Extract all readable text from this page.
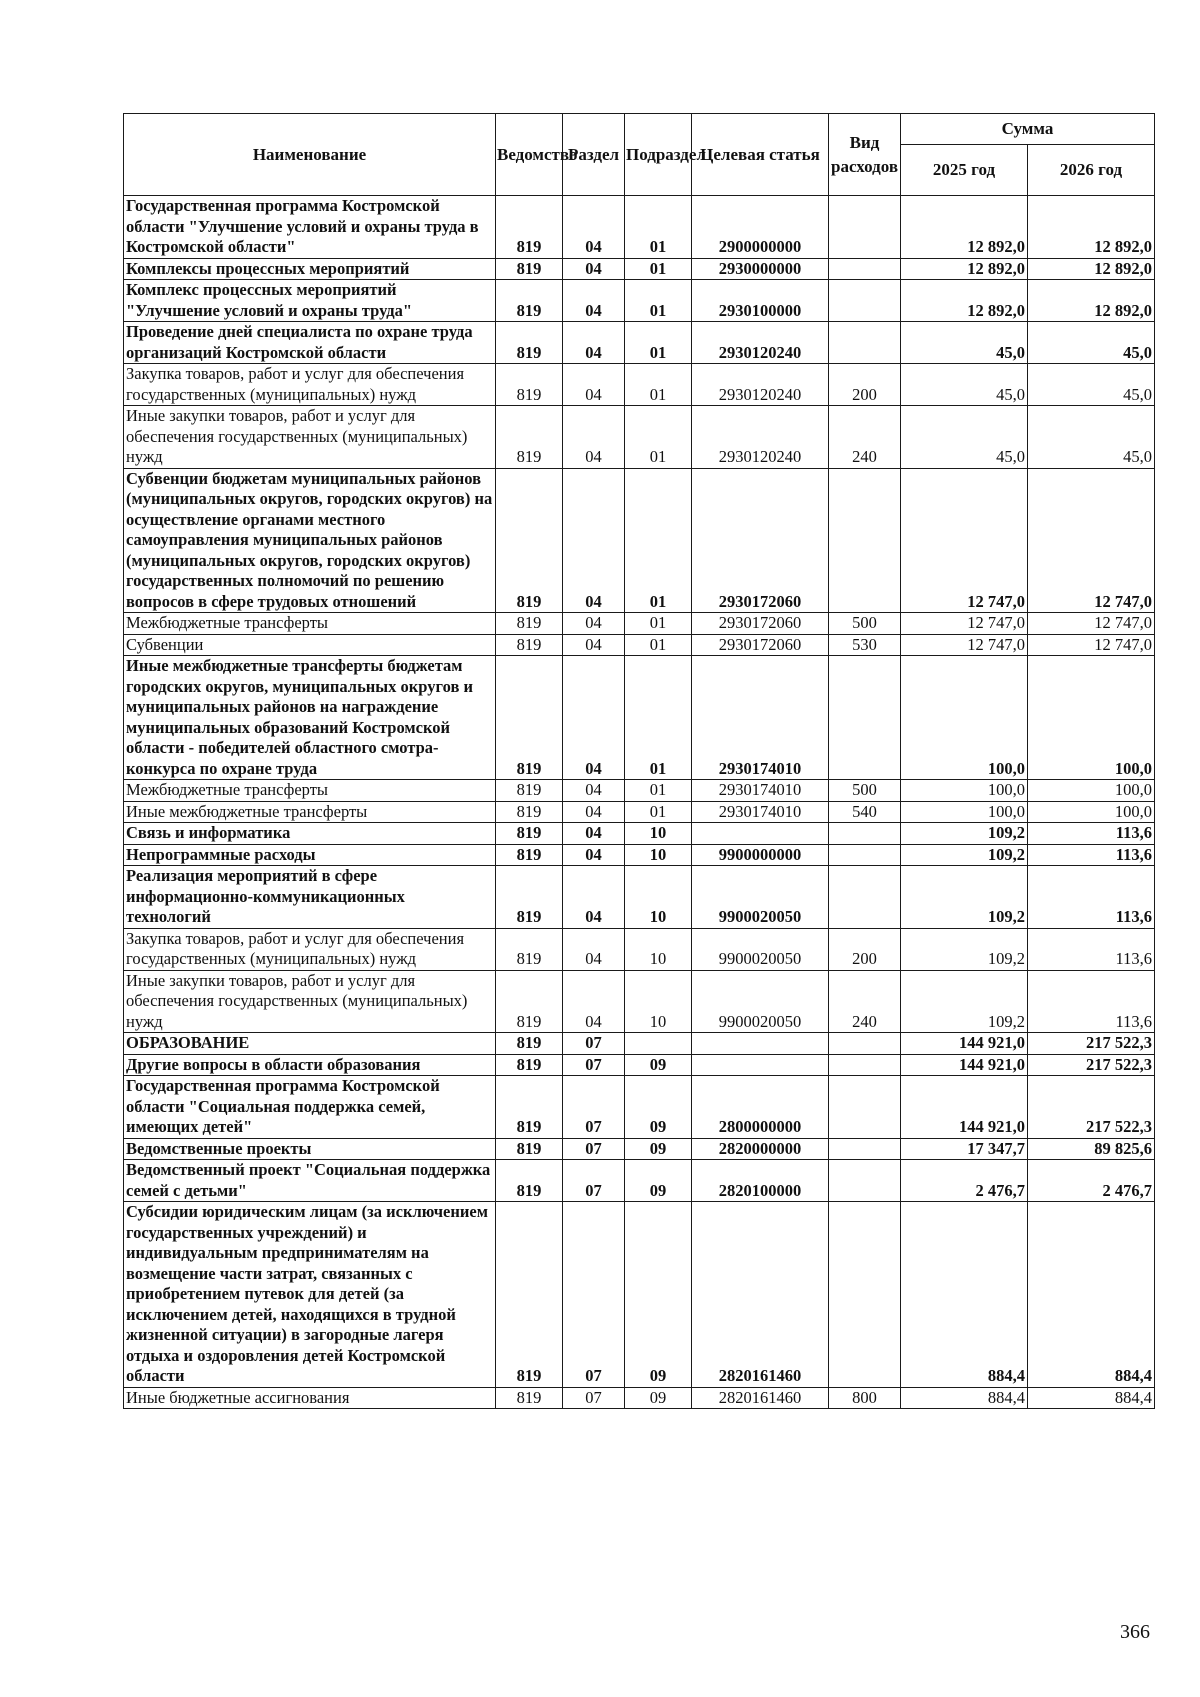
Наименование	Ведомство	Раздел	Подраздел	Целевая статья	Вид расходов	Сумма	
						2025 год	2026 год
Государственная программа Костромской области "Улучшение условий и охраны труда в Костромской области"	819	04	01	2900000000		12 892,0	12 892,0
Комплексы процессных мероприятий	819	04	01	2930000000		12 892,0	12 892,0
Комплекс процессных мероприятий "Улучшение условий и охраны труда"	819	04	01	2930100000		12 892,0	12 892,0
Проведение дней специалиста по охране труда организаций Костромской области	819	04	01	2930120240		45,0	45,0
Закупка товаров, работ и услуг для обеспечения государственных (муниципальных) нужд	819	04	01	2930120240	200	45,0	45,0
Иные закупки товаров, работ и услуг для обеспечения государственных (муниципальных) нужд	819	04	01	2930120240	240	45,0	45,0
Субвенции бюджетам муниципальных районов (муниципальных округов, городских округов) на осуществление органами местного самоуправления муниципальных районов (муниципальных округов, городских округов) государственных полномочий по решению вопросов в сфере трудовых отношений	819	04	01	2930172060		12 747,0	12 747,0
Межбюджетные трансферты	819	04	01	2930172060	500	12 747,0	12 747,0
Субвенции	819	04	01	2930172060	530	12 747,0	12 747,0
Иные межбюджетные трансферты бюджетам городских округов, муниципальных округов и муниципальных районов на награждение муниципальных образований Костромской области - победителей областного смотра-конкурса по охране труда	819	04	01	2930174010		100,0	100,0
Межбюджетные трансферты	819	04	01	2930174010	500	100,0	100,0
Иные межбюджетные трансферты	819	04	01	2930174010	540	100,0	100,0
Связь и информатика	819	04	10			109,2	113,6
Непрограммные расходы	819	04	10	9900000000		109,2	113,6
Реализация мероприятий в сфере информационно-коммуникационных технологий	819	04	10	9900020050		109,2	113,6
Закупка товаров, работ и услуг для обеспечения государственных (муниципальных) нужд	819	04	10	9900020050	200	109,2	113,6
Иные закупки товаров, работ и услуг для обеспечения государственных (муниципальных) нужд	819	04	10	9900020050	240	109,2	113,6
ОБРАЗОВАНИЕ	819	07				144 921,0	217 522,3
Другие вопросы в области образования	819	07	09			144 921,0	217 522,3
Государственная программа Костромской области "Социальная поддержка семей, имеющих детей"	819	07	09	2800000000		144 921,0	217 522,3
Ведомственные проекты	819	07	09	2820000000		17 347,7	89 825,6
Ведомственный проект "Социальная поддержка семей с детьми"	819	07	09	2820100000		2 476,7	2 476,7
Субсидии юридическим лицам (за исключением государственных учреждений) и индивидуальным предпринимателям на возмещение части затрат, связанных с приобретением путевок для детей (за исключением детей, находящихся в трудной жизненной ситуации) в загородные лагеря отдыха и оздоровления детей Костромской области	819	07	09	2820161460		884,4	884,4
Иные бюджетные ассигнования	819	07	09	2820161460	800	884,4	884,4
366
